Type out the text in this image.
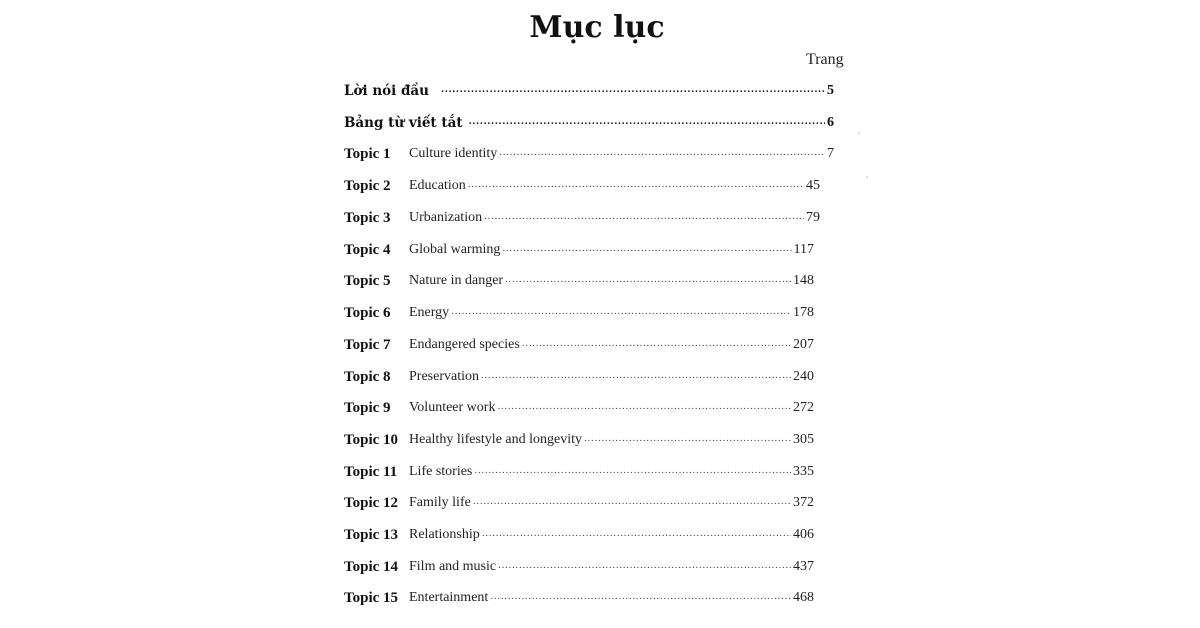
Mục lục
Trang
Lời nói đầu .....	5
Bảng từ viết tắt .....	6
Topic 1	Culture identity .....	7
Topic 2	Education .....	45
Topic 3	Urbanization .....	79
Topic 4	Global warming .....	117
Topic 5	Nature in danger .....	148
Topic 6	Energy .....	178
Topic 7	Endangered species .....	207
Topic 8	Preservation .....	240
Topic 9	Volunteer work .....	272
Topic 10 Healthy lifestyle and longevity .....	305
Topic 11 Life stories .....	335
Topic 12 Family life .....	372
Topic 13 Relationship .....	406
Topic 14 Film and music .....	437
Topic 15 Entertainment .....	468
